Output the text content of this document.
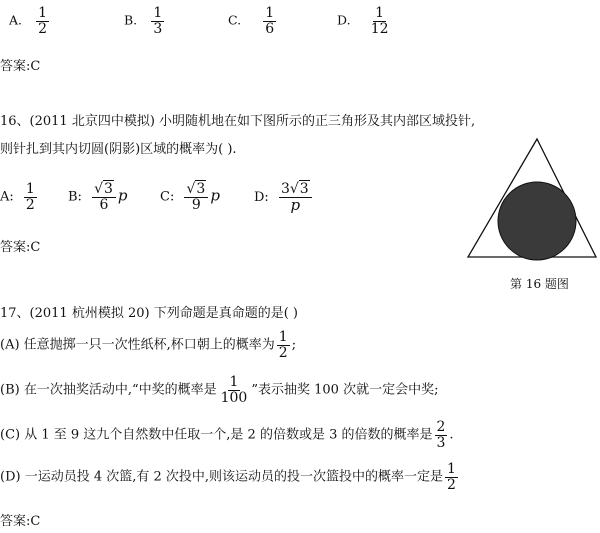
A. $\frac{1}{2}$	B. $\frac{1}{3}$	C. $\frac{1}{6}$	D. $\frac{1}{12}$
答案:C
16、(2011 北京四中模拟) 小明随机地在如下图所示的正三角形及其内部区域投针,
则针扎到其内切圆(阴影)区域的概率为( ).
A: $\frac{1}{2} B$: $\frac{√3}{6}$ p C: $\frac{√3}{9}$ p	D: $\frac{3√3}{p}$
答案:C
第 16 题图
17、(2011 杭州模拟 20) 下列命题是真命题的是( )
(A) 任意抛掷一只一次性纸杯,杯口朝上的概率为 $\frac{1}{2}$ ;
(B) 在一次抽奖活动中,“中奖的概率是 $\frac{1}{100}$ ”表示抽奖 100 次就一定会中奖;
(C) 从 1 至 9 这九个自然数中任取一个,是 2 的倍数或是 3 的倍数的概率是 $\frac{2}{3}$ .
(D) 一运动员投 4 次篮,有 2 次投中,则该运动员的投一次篮投中的概率一定是 $\frac{1}{2}$
答案:C
